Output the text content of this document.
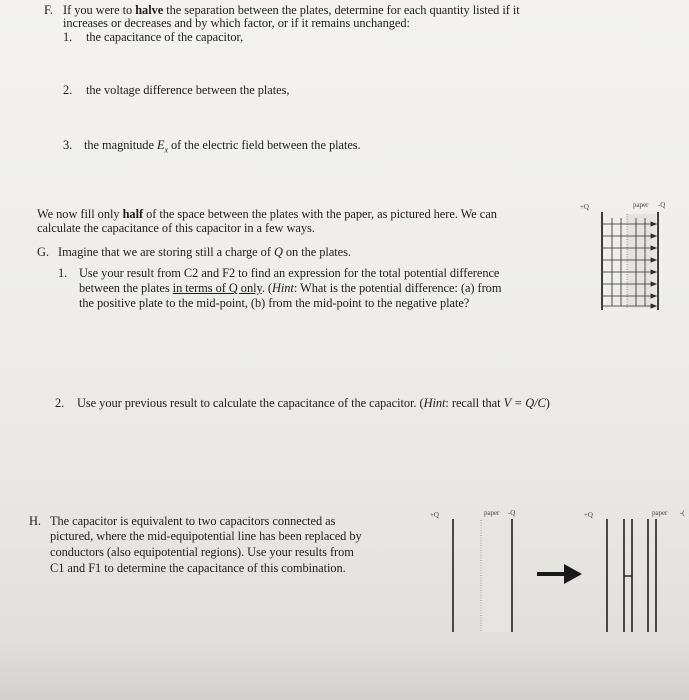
F. If you were to halve the separation between the plates, determine for each quantity listed if it
increases or decreases and by which factor, or if it remains unchanged:
1. the capacitance of the capacitor,
2. the voltage difference between the plates,
3. the magnitude $E_x$ of the electric field between the plates.
We now fill only half of the space between the plates with the paper, as pictured here. We can
calculate the capacitance of this capacitor in a few ways.
G. Imagine that we are storing still a charge of Q on the plates.
1. Use your result from C2 and F2 to find an expression for the total potential difference
between the plates in terms of Q only. (Hint: What is the potential difference: (a) from
the positive plate to the mid-point, (b) from the mid-point to the negative plate?
2. Use your previous result to calculate the capacitance of the capacitor. (Hint: recall that V = Q/C)
H. The capacitor is equivalent to two capacitors connected as
pictured, where the mid-equipotential line has been replaced by
conductors (also equipotential regions). Use your results from
C1 and F1 to determine the capacitance of this combination.
+Q	paper -Q
+Q	paper -Q	+Q	paper -(
